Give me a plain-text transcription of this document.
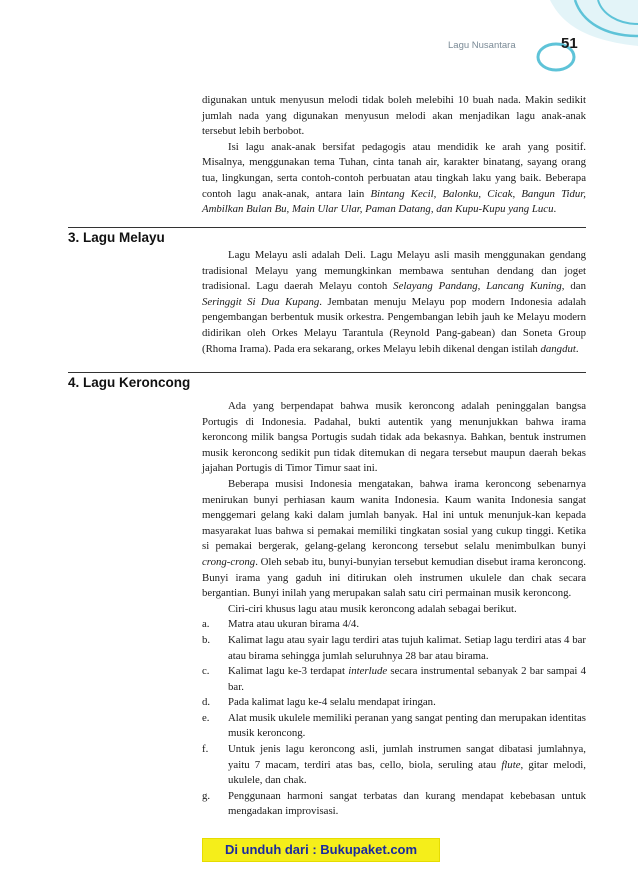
Lagu Nusantara	51

digunakan untuk menyusun melodi tidak boleh melebihi 10 buah nada. Makin sedikit jumlah nada yang digunakan menyusun melodi akan menjadikan lagu anak-anak tersebut lebih berbobot.

Isi lagu anak-anak bersifat pedagogis atau mendidik ke arah yang positif. Misalnya, menggunakan tema Tuhan, cinta tanah air, karakter binatang, sayang orang tua, lingkungan, serta contoh-contoh perbuatan atau tingkah laku yang baik. Beberapa contoh lagu anak-anak, antara lain Bintang Kecil, Balonku, Cicak, Bangun Tidur, Ambilkan Bulan Bu, Main Ular Ular, Paman Datang, dan Kupu-Kupu yang Lucu.

3. Lagu Melayu

Lagu Melayu asli adalah Deli. Lagu Melayu asli masih menggunakan gendang tradisional Melayu yang memungkinkan membawa sentuhan dendang dan joget tradisional. Lagu daerah Melayu contoh Selayang Pandang, Lancang Kuning, dan Seringgit Si Dua Kupang. Jembatan menuju Melayu pop modern Indonesia adalah pengembangan berbentuk musik orkestra. Pengembangan lebih jauh ke Melayu modern didirikan oleh Orkes Melayu Tarantula (Reynold Pang-gabean) dan Soneta Group (Rhoma Irama). Pada era sekarang, orkes Melayu lebih dikenal dengan istilah dangdut.

4. Lagu Keroncong

Ada yang berpendapat bahwa musik keroncong adalah peninggalan bangsa Portugis di Indonesia. Padahal, bukti autentik yang menunjukkan bahwa irama keroncong milik bangsa Portugis sudah tidak ada bekasnya. Bahkan, bentuk instrumen musik keroncong sedikit pun tidak ditemukan di negara tersebut maupun daerah bekas jajahan Portugis di Timor Timur saat ini.

Beberapa musisi Indonesia mengatakan, bahwa irama keroncong sebenarnya menirukan bunyi perhiasan kaum wanita Indonesia. Kaum wanita Indonesia sangat menggemari gelang kaki dalam jumlah banyak. Hal ini untuk menunjuk-kan kepada masyarakat luas bahwa si pemakai memiliki tingkatan sosial yang cukup tinggi. Ketika si pemakai bergerak, gelang-gelang keroncong tersebut selalu menimbulkan bunyi crong-crong. Oleh sebab itu, bunyi-bunyian tersebut kemudian disebut irama keroncong. Bunyi irama yang gaduh ini ditirukan oleh instrumen ukulele dan chak secara bergantian. Bunyi inilah yang merupakan salah satu ciri permainan musik keroncong.

Ciri-ciri khusus lagu atau musik keroncong adalah sebagai berikut.

a. Matra atau ukuran birama 4/4.
b. Kalimat lagu atau syair lagu terdiri atas tujuh kalimat. Setiap lagu terdiri atas 4 bar atau birama sehingga jumlah seluruhnya 28 bar atau birama.
c. Kalimat lagu ke-3 terdapat interlude secara instrumental sebanyak 2 bar sampai 4 bar.
d. Pada kalimat lagu ke-4 selalu mendapat iringan.
e. Alat musik ukulele memiliki peranan yang sangat penting dan merupakan identitas musik keroncong.
f. Untuk jenis lagu keroncong asli, jumlah instrumen sangat dibatasi jumlahnya, yaitu 7 macam, terdiri atas bas, cello, biola, seruling atau flute, gitar melodi, ukulele, dan chak.
g. Penggunaan harmoni sangat terbatas dan kurang mendapat kebebasan untuk mengadakan improvisasi.
Di unduh dari : Bukupaket.com
